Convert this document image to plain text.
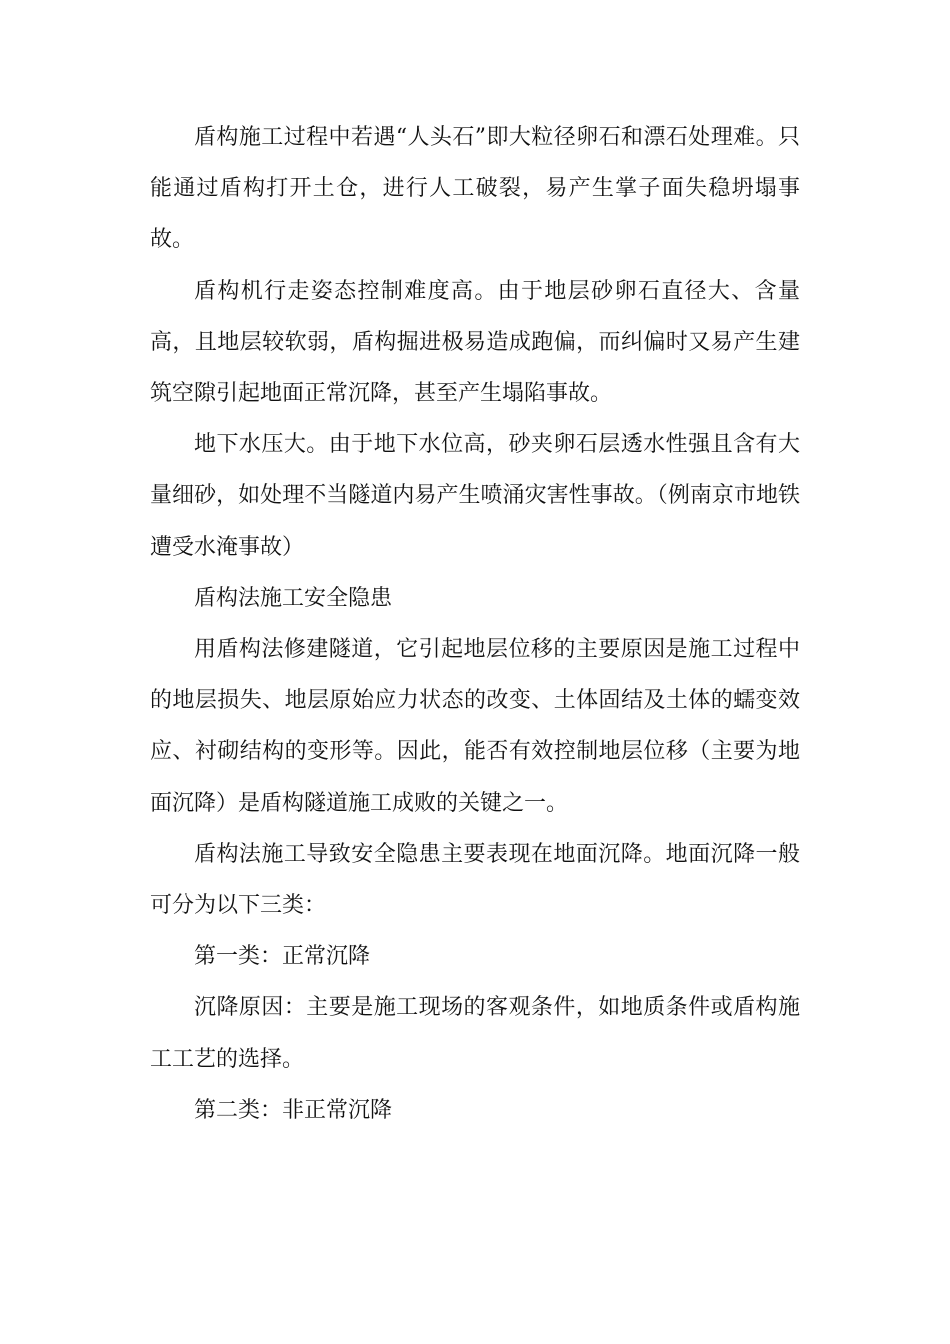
盾构施工过程中若遇“人头石”即大粒径卵石和漂石处理难。只能通过盾构打开土仓，进行人工破裂，易产生掌子面失稳坍塌事故。

盾构机行走姿态控制难度高。由于地层砂卵石直径大、含量高，且地层较软弱，盾构掘进极易造成跑偏，而纠偏时又易产生建筑空隙引起地面正常沉降，甚至产生塌陷事故。

地下水压大。由于地下水位高，砂夹卵石层透水性强且含有大量细砂，如处理不当隧道内易产生喷涌灾害性事故。（例南京市地铁遭受水淹事故）

盾构法施工安全隐患

用盾构法修建隧道，它引起地层位移的主要原因是施工过程中的地层损失、地层原始应力状态的改变、土体固结及土体的蠕变效应、衬砌结构的变形等。因此，能否有效控制地层位移（主要为地面沉降）是盾构隧道施工成败的关键之一。

盾构法施工导致安全隐患主要表现在地面沉降。地面沉降一般可分为以下三类：

第一类：正常沉降

沉降原因：主要是施工现场的客观条件，如地质条件或盾构施工工艺的选择。

第二类：非正常沉降
